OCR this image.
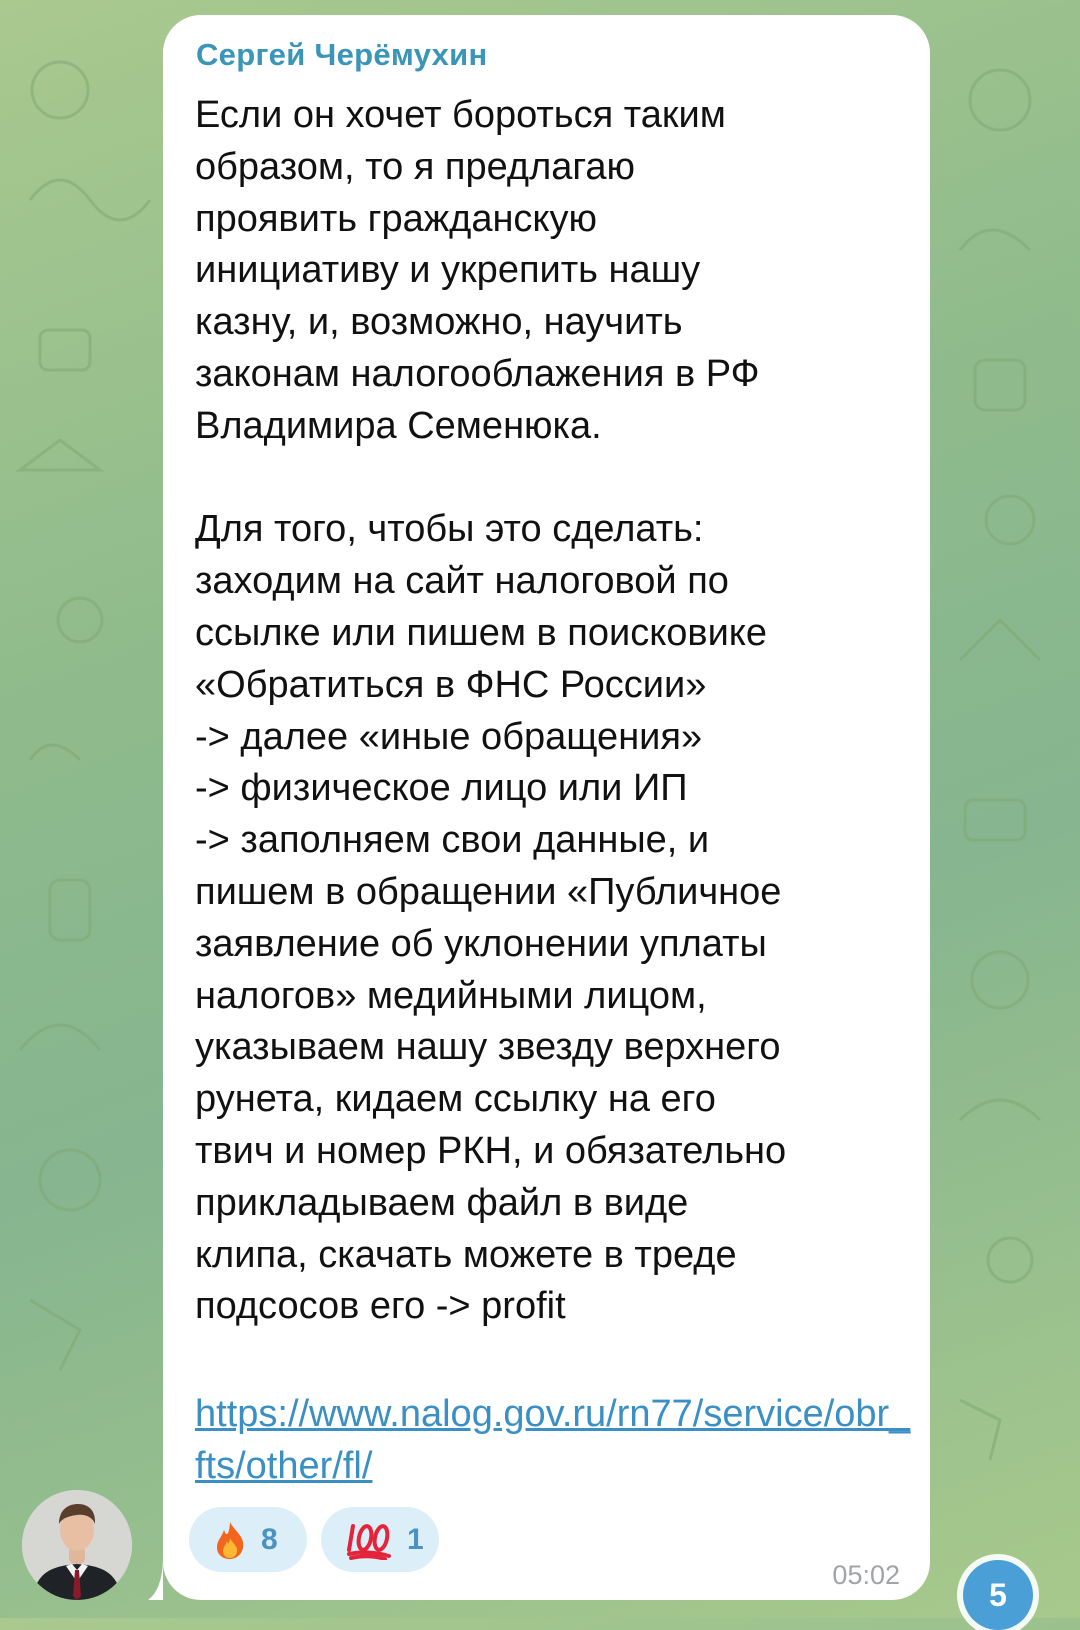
Сергей Черёмухин

Если он хочет бороться таким
образом, то я предлагаю
проявить гражданскую
инициативу и укрепить нашу
казну, и, возможно, научить
законам налогооблажения в РФ
Владимира Семенюка.

Для того, чтобы это сделать:
заходим на сайт налоговой по
ссылке или пишем в поисковике
«Обратиться в ФНС России»
-> далее «иные обращения»
-> физическое лицо или ИП
-> заполняем свои данные, и
пишем в обращении «Публичное
заявление об уклонении уплаты
налогов» медийными лицом,
указываем нашу звезду верхнего
рунета, кидаем ссылку на его
твич и номер РКН, и обязательно
прикладываем файл в виде
клипа, скачать можете в треде
подсосов его -> profit

https://www.nalog.gov.ru/rn77/service/obr_fts/other/fl/

8	1
05:02
5
